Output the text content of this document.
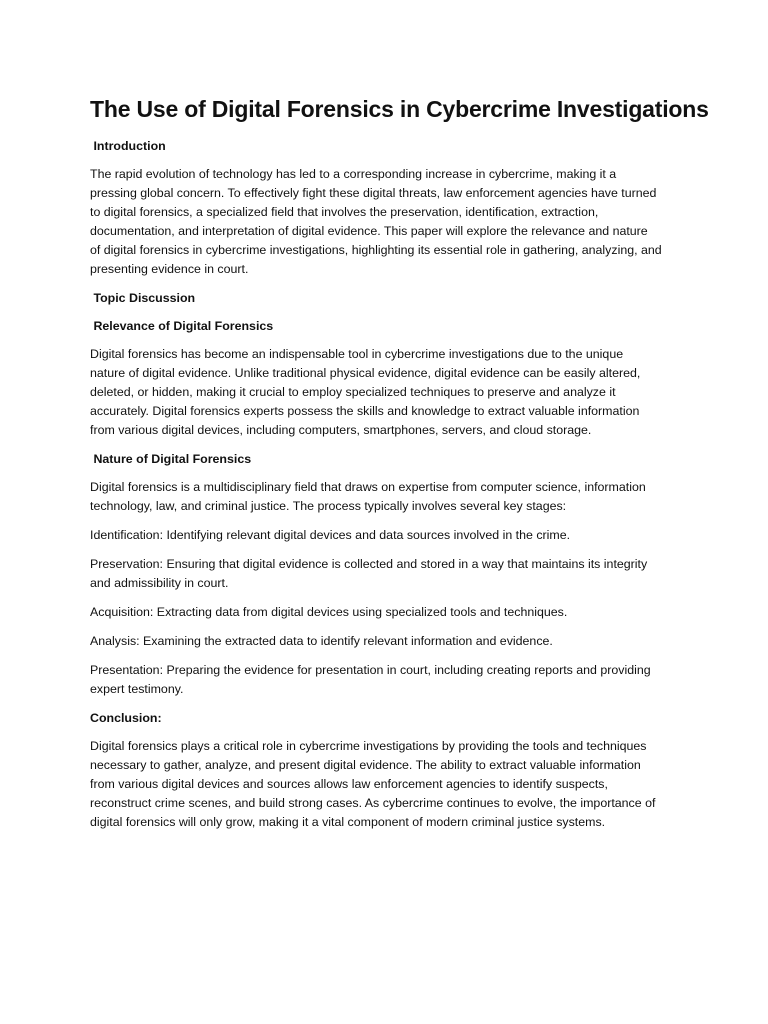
The Use of Digital Forensics in Cybercrime Investigations
Introduction

The rapid evolution of technology has led to a corresponding increase in cybercrime, making it a
pressing global concern. To effectively fight these digital threats, law enforcement agencies have turned
to digital forensics, a specialized field that involves the preservation, identification, extraction,
documentation, and interpretation of digital evidence. This paper will explore the relevance and nature
of digital forensics in cybercrime investigations, highlighting its essential role in gathering, analyzing, and
presenting evidence in court.

Topic Discussion
Relevance of Digital Forensics

Digital forensics has become an indispensable tool in cybercrime investigations due to the unique
nature of digital evidence. Unlike traditional physical evidence, digital evidence can be easily altered,
deleted, or hidden, making it crucial to employ specialized techniques to preserve and analyze it
accurately. Digital forensics experts possess the skills and knowledge to extract valuable information
from various digital devices, including computers, smartphones, servers, and cloud storage.

Nature of Digital Forensics

Digital forensics is a multidisciplinary field that draws on expertise from computer science, information
technology, law, and criminal justice. The process typically involves several key stages:

Identification: Identifying relevant digital devices and data sources involved in the crime.

Preservation: Ensuring that digital evidence is collected and stored in a way that maintains its integrity
and admissibility in court.

Acquisition: Extracting data from digital devices using specialized tools and techniques.

Analysis: Examining the extracted data to identify relevant information and evidence.

Presentation: Preparing the evidence for presentation in court, including creating reports and providing
expert testimony.

Conclusion:

Digital forensics plays a critical role in cybercrime investigations by providing the tools and techniques
necessary to gather, analyze, and present digital evidence. The ability to extract valuable information
from various digital devices and sources allows law enforcement agencies to identify suspects,
reconstruct crime scenes, and build strong cases. As cybercrime continues to evolve, the importance of
digital forensics will only grow, making it a vital component of modern criminal justice systems.
